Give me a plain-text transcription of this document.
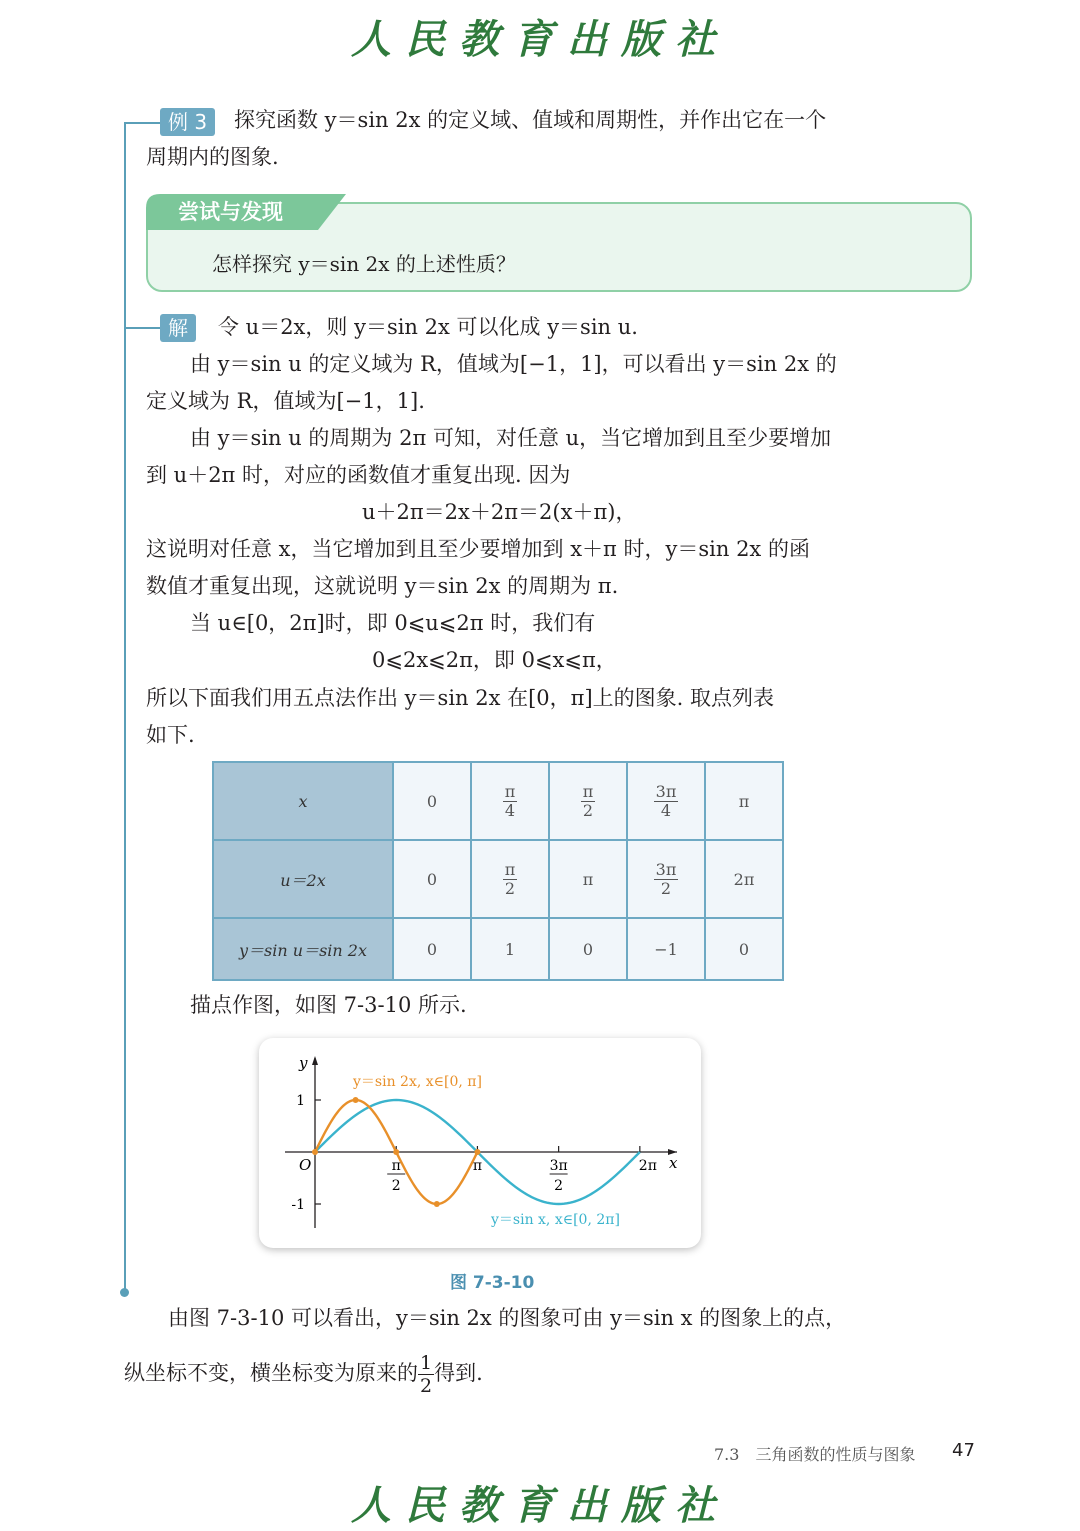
人民教育出版社
例 3	探究函数 y＝sin 2x 的定义域、值域和周期性，并作出它在一个
周期内的图象.
尝试与发现
怎样探究 y＝sin 2x 的上述性质？
解	令 u＝2x，则 y＝sin 2x 可以化成 y＝sin u.
由 y＝sin u 的定义域为 R，值域为[−1，1]，可以看出 y＝sin 2x 的
定义域为 R，值域为[−1，1].
由 y＝sin u 的周期为 2π 可知，对任意 u，当它增加到且至少要增加
到 u＋2π 时，对应的函数值才重复出现. 因为
u＋2π＝2x＋2π＝2(x＋π)，
这说明对任意 x，当它增加到且至少要增加到 x＋π 时，y＝sin 2x 的函
数值才重复出现，这就说明 y＝sin 2x 的周期为 π.
当 u∈[0，2π]时，即 0⩽u⩽2π 时，我们有
0⩽2x⩽2π，即 0⩽x⩽π，
所以下面我们用五点法作出 y＝sin 2x 在[0，π]上的图象. 取点列表
如下.
x	0	$\frac{\pi}{4}$	$\frac{\pi}{2}$	$\frac{3\pi}{4}$	π
u＝2x	0	$\frac{\pi}{2}$	π	$\frac{3\pi}{2}$	2π
y＝sin u＝sin 2x	0	1	0	−1	0
描点作图，如图 7-3-10 所示.
x
y
O
1
-1
π
2
π	3π
2
2π
y＝sin 2x, x∈[0, π]
y＝sin x, x∈[0, 2π]
图 7-3-10
由图 7-3-10 可以看出，y＝sin 2x 的图象可由 y＝sin x 的图象上的点，
纵坐标不变，横坐标变为原来的 $\frac{1}{2}$ 得到.
7.3　三角函数的性质与图象 47
人民教育出版社
